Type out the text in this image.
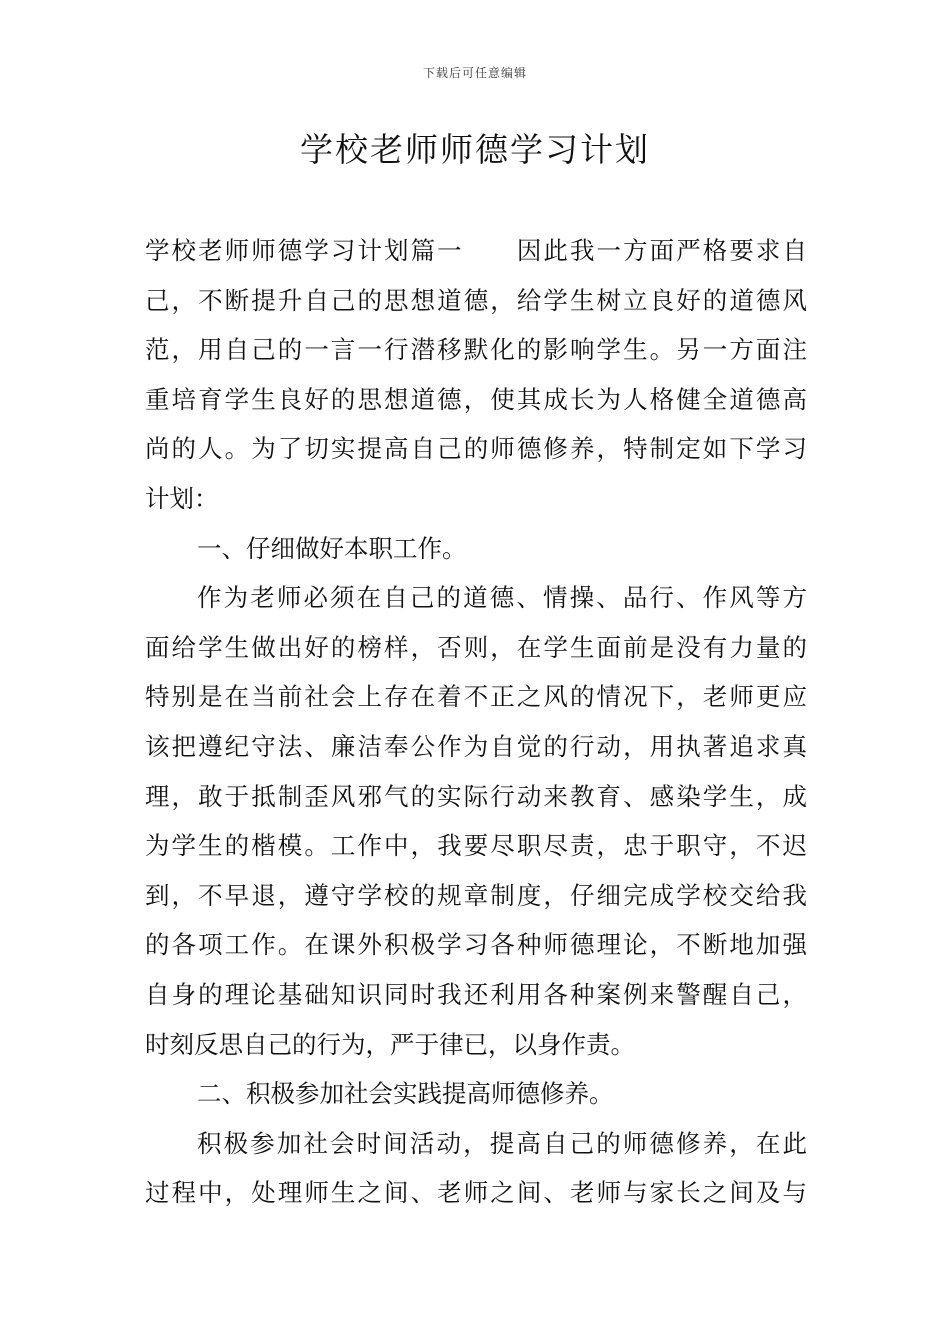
下载后可任意编辑
学校老师师德学习计划
学校老师师德学习计划篇一　　因此我一方面严格要求自
己，不断提升自己的思想道德，给学生树立良好的道德风
范，用自己的一言一行潜移默化的影响学生。另一方面注
重培育学生良好的思想道德，使其成长为人格健全道德高
尚的人。为了切实提高自己的师德修养，特制定如下学习
计划：
一、仔细做好本职工作。
作为老师必须在自己的道德、情操、品行、作风等方
面给学生做出好的榜样，否则，在学生面前是没有力量的
特别是在当前社会上存在着不正之风的情况下，老师更应
该把遵纪守法、廉洁奉公作为自觉的行动，用执著追求真
理，敢于抵制歪风邪气的实际行动来教育、感染学生，成
为学生的楷模。工作中，我要尽职尽责，忠于职守，不迟
到，不早退，遵守学校的规章制度，仔细完成学校交给我
的各项工作。在课外积极学习各种师德理论，不断地加强
自身的理论基础知识同时我还利用各种案例来警醒自己，
时刻反思自己的行为，严于律已，以身作责。
二、积极参加社会实践提高师德修养。
积极参加社会时间活动，提高自己的师德修养，在此
过程中，处理师生之间、老师之间、老师与家长之间及与
